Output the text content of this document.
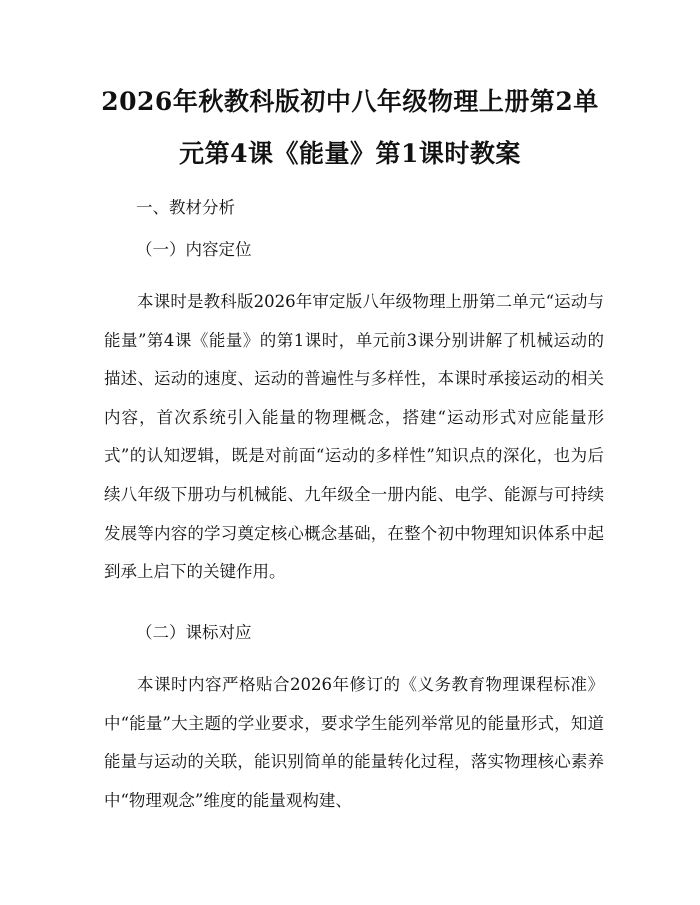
2026年秋教科版初中八年级物理上册第2单
元第4课《能量》第1课时教案
一、教材分析
（一）内容定位
本课时是教科版2026年审定版八年级物理上册第二单元“运动与能量”第4课《能量》的第1课时，单元前3课分别讲解了机械运动的描述、运动的速度、运动的普遍性与多样性，本课时承接运动的相关内容，首次系统引入能量的物理概念，搭建“运动形式对应能量形式”的认知逻辑，既是对前面“运动的多样性”知识点的深化，也为后续八年级下册功与机械能、九年级全一册内能、电学、能源与可持续发展等内容的学习奠定核心概念基础，在整个初中物理知识体系中起到承上启下的关键作用。
（二）课标对应
本课时内容严格贴合2026年修订的《义务教育物理课程标准》中“能量”大主题的学业要求，要求学生能列举常见的能量形式，知道能量与运动的关联，能识别简单的能量转化过程，落实物理核心素养中“物理观念”维度的能量观构建、
